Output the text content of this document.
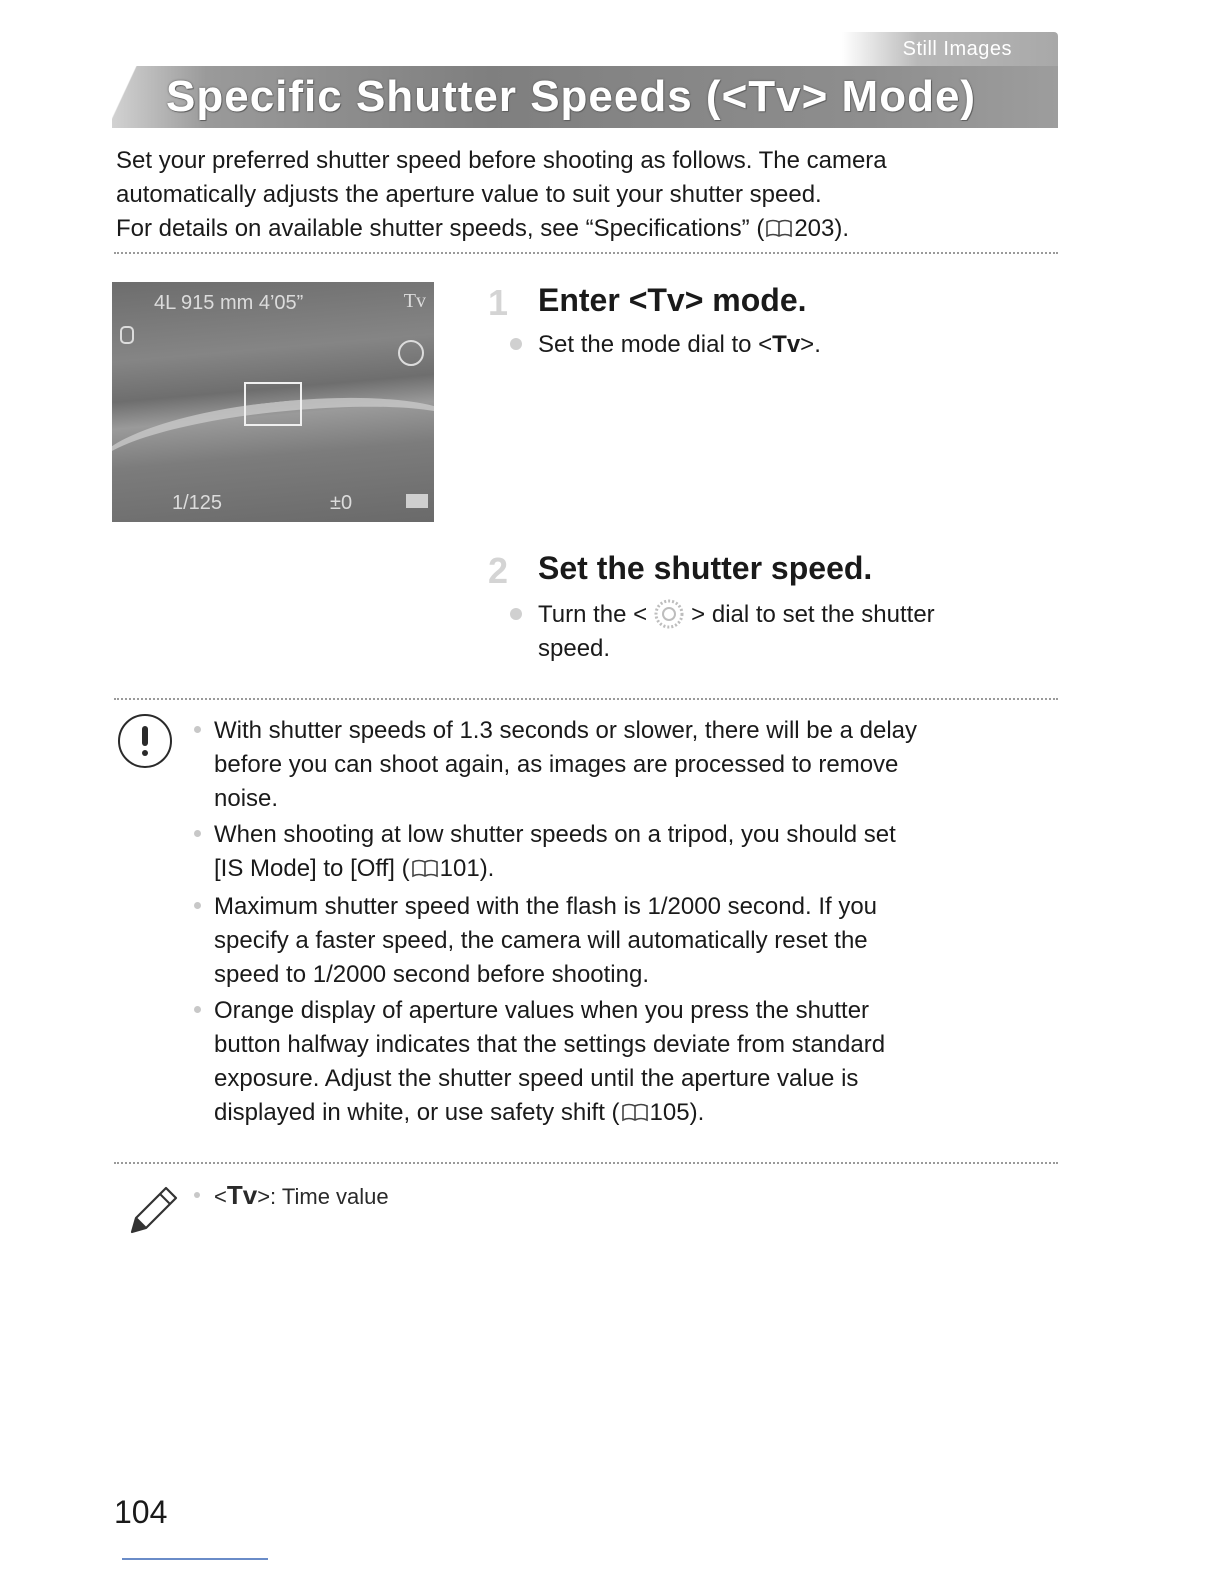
Still Images
Specific Shutter Speeds (<Tv> Mode)

Set your preferred shutter speed before shooting as follows. The camera

automatically adjusts the aperture value to suit your shutter speed.

For details on available shutter speeds, see “Specifications” ( 203).

4L 915 mm 4’05”	Tv
1/125	±0
1 Enter <Tv> mode.
Set the mode dial to <Tv>.
2 Set the shutter speed.
Turn the < > dial to set the shutter
speed.
With shutter speeds of 1.3 seconds or slower, there will be a delay
before you can shoot again, as images are processed to remove
noise.
When shooting at low shutter speeds on a tripod, you should set
[IS Mode] to [Off] ( 101).
Maximum shutter speed with the flash is 1/2000 second. If you
specify a faster speed, the camera will automatically reset the
speed to 1/2000 second before shooting.
Orange display of aperture values when you press the shutter
button halfway indicates that the settings deviate from standard
exposure. Adjust the shutter speed until the aperture value is
displayed in white, or use safety shift ( 105).
<Tv>: Time value
104
